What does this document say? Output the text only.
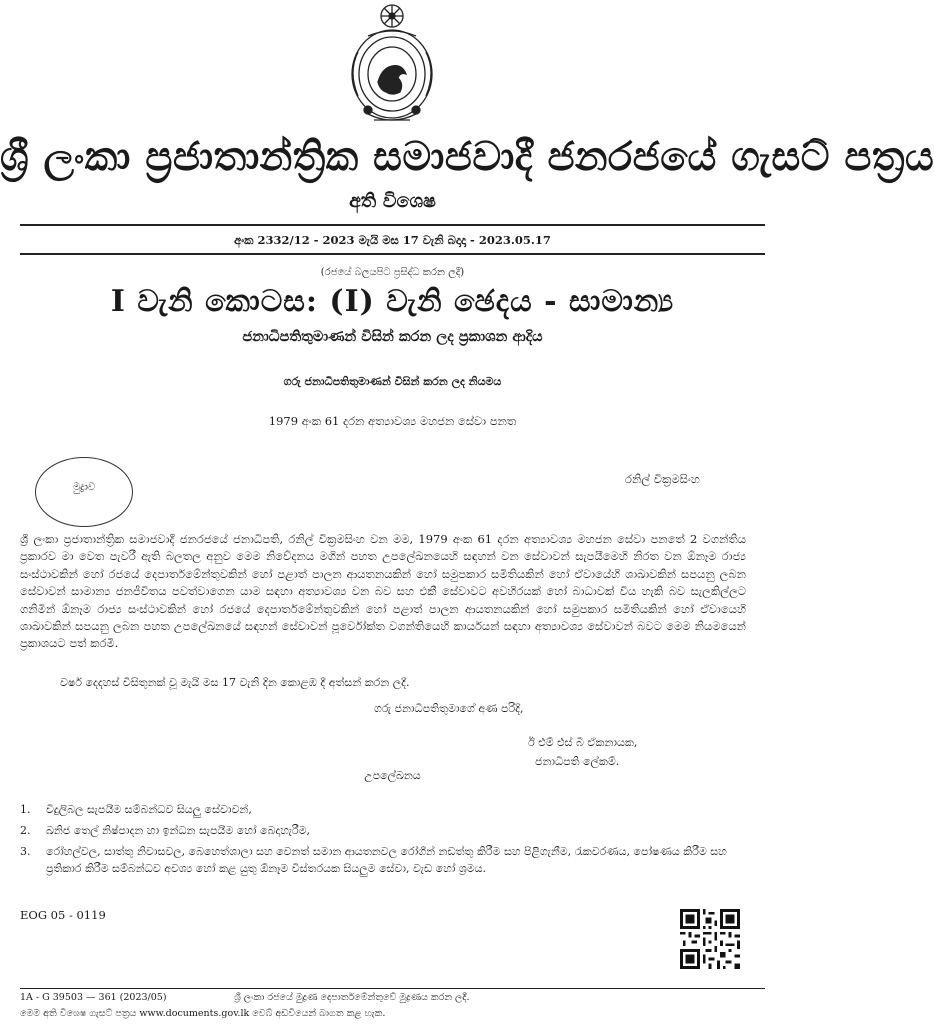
ශ්‍රී ලංකා ප්‍රජාතාන්ත්‍රික සමාජවාදී ජනරජයේ ගැසට් පත්‍රය
අති විශෙෂ
අංක 2332/12 - 2023 මැයි මස 17 වැනි බදාදා - 2023.05.17
(රජයේ බලයපිට ප්‍රසිද්ධ කරන ලදී)
I වැනි කොටස: (I) වැනි ඡෙදය - සාමාන්‍ය
ජනාධිපතිතුමාණන් විසින් කරන ලද ප්‍රකාශන ආදිය
ගරු ජනාධිපතිතුමාණන් විසින් කරන ලද නියමය
1979 අංක 61 දරන අත්‍යාවශ්‍ය මහජන සේවා පනත
මුද්‍රාව
රනිල් වික්‍රමසිංහ
ශ්‍රී ලංකා ප්‍රජාතාන්ත්‍රික සමාජවාදී ජනරජයේ ජනාධිපති, රනිල් වික්‍රමසිංහ වන මම, 1979 අංක 61 දරන අත්‍යාවශ්‍ය මහජන සේවා පනතේ 2 වගන්තිය ප්‍රකාරව මා වෙත පැවරී ඇති බලතල අනුව මෙම නිවේදනය මගින් පහත උපලේඛනයෙහි සඳහන් වන සේවාවන් සැපයීමෙහි නිරත වන ඕනෑම රාජ්‍ය සංස්ථාවකින් හෝ රජයේ දෙපාර්තමේන්තුවකින් හෝ පළාත් පාලන ආයතනයකින් හෝ සමුපකාර සමිතියකින් හෝ ඒවායේහි ශාඛාවකින් සපයනු ලබන සේවාවන් සාමාන්‍ය ජනජීවිතය පවත්වාගෙන යාම සඳහා අත්‍යාවශ්‍ය වන බව සහ එකී සේවාවට අවහිරයක් හෝ බාධාවක් විය හැකි බව සැලකිල්ලට ගනිමින් ඕනෑම රාජ්‍ය සංස්ථාවකින් හෝ රජයේ දෙපාර්තමේන්තුවකින් හෝ පළාත් පාලන ආයතනයකින් හෝ සමුපකාර සමිතියකින් හෝ ඒවායෙහි ශාඛාවකින් සපයනු ලබන පහත උපලේඛනයේ සඳහන් සේවාවන් පූර්වෝක්ත වගන්තියෙහි කාර්යයන් සඳහා අත්‍යාවශ්‍ය සේවාවන් බවට මෙම නියමයෙන් ප්‍රකාශයට පත් කරමි.
වර්ෂ දෙදහස් විසිතුනක් වූ මැයි මස 17 වැනි දින කොළඹ දී අත්සන් කරන ලදී.
ගරු ජනාධිපතිතුමාගේ අණ පරිදි,
ඊ එම් එස් බී ඒකනායක,
ජනාධිපති ලේකම්.
උපලේඛනය
1.	විදුලිබල සැපයීම සම්බන්ධව සියලු සේවාවන්,
2.	ඛනිජ තෙල් නිෂ්පාදන හා ඉන්ධන සැපයීම හෝ බෙදාහැරීම,
3.	රෝහල්වල, සාත්තු නිවාසවල, බෙහෙත්ශාලා සහ වෙනත් සමාන ආයතනවල රෝගීන් නඩත්තු කිරීම සහ පිළිගැනීම, රැකවරණය, පෝෂණය කිරීම සහ ප්‍රතිකාර කිරීම සම්බන්ධව අවශ්‍ය හෝ කළ යුතු ඕනෑම විස්තරයක සියලුම සේවා, වැඩ හෝ ශ්‍රමය.
EOG 05 - 0119
1A - G 39503 — 361 (2023/05)	ශ්‍රී ලංකා රජයේ මුද්‍රණ දෙපාර්තමේන්තුවේ මුද්‍රණය කරන ලදී.
මෙම අති විශෙෂ ගැසට් පත්‍රය www.documents.gov.lk වෙබ් අඩවියෙන් බාගත කළ හැක.
